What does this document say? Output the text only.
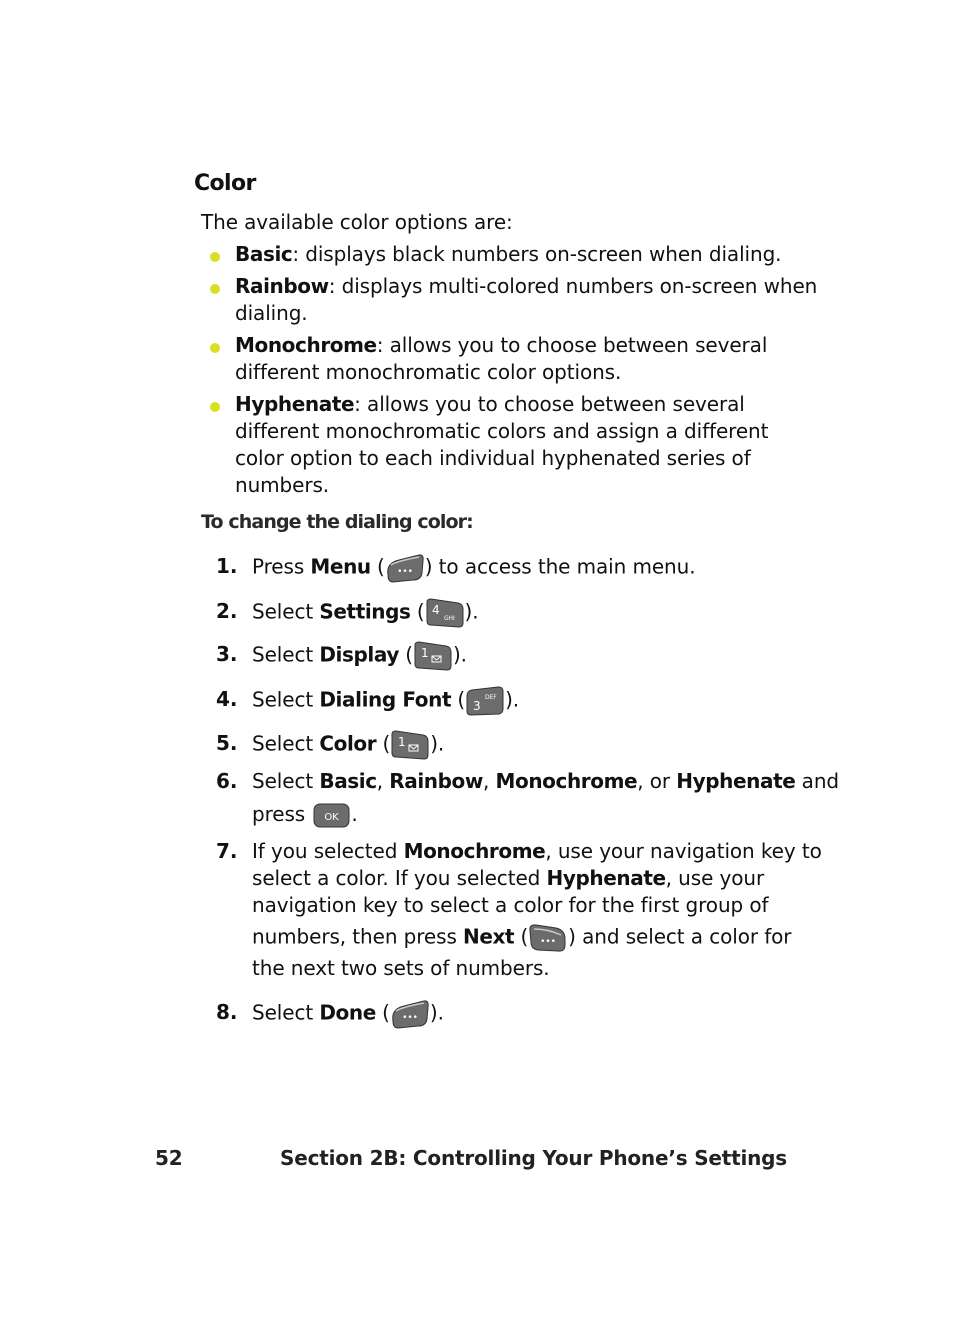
Color
The available color options are:
Basic: displays black numbers on-screen when dialing.
Rainbow: displays multi-colored numbers on-screen when
dialing.
Monochrome: allows you to choose between several
different monochromatic color options.
Hyphenate: allows you to choose between several
different monochromatic colors and assign a different
color option to each individual hyphenated series of
numbers.
To change the dialing color:
1. Press Menu ( ••• ) to access the main menu.
2. Select Settings ( 4
GHI ).
3. Select Display ( 1 ).
4. Select Dialing Font ( 3
DEF ).
5. Select Color ( 1 ).
6. Select Basic, Rainbow, Monochrome, or Hyphenate and
press OK .
7. If you selected Monochrome, use your navigation key to
select a color. If you selected Hyphenate, use your
navigation key to select a color for the first group of
numbers, then press Next ( ••• ) and select a color for
the next two sets of numbers.
8. Select Done ( ••• ).
52	Section 2B: Controlling Your Phone’s Settings
